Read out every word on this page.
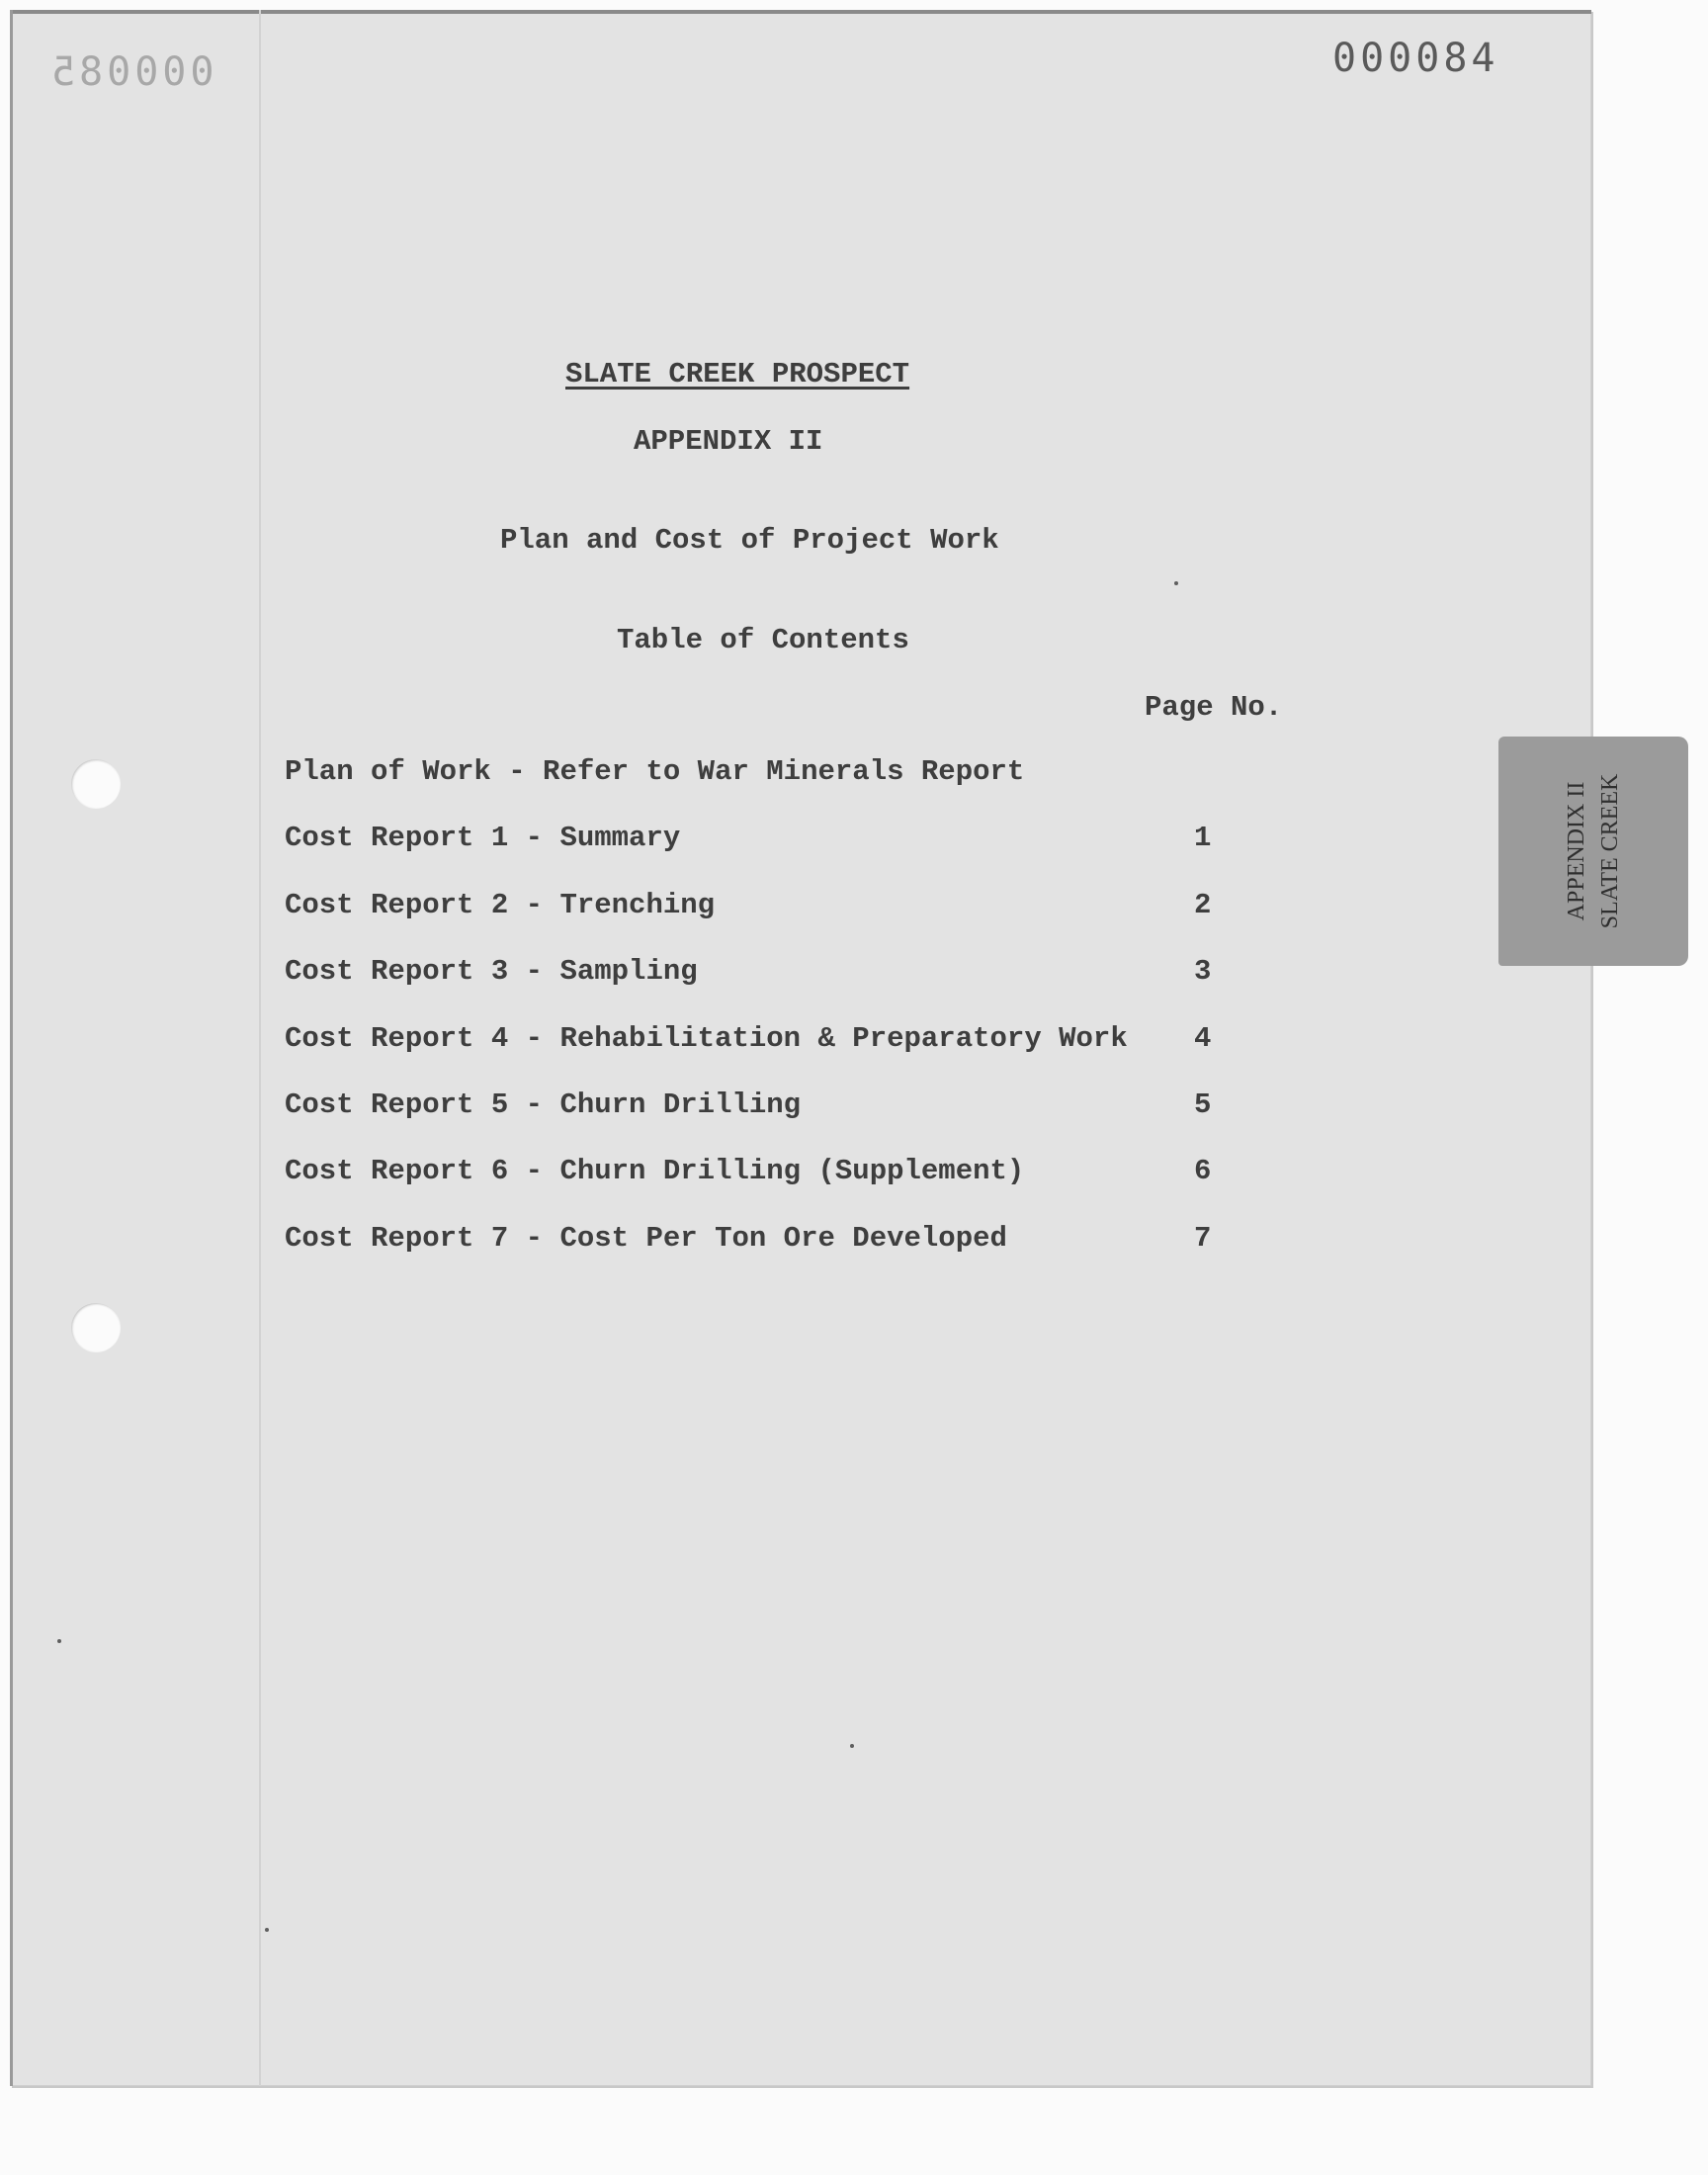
000085	000084
SLATE CREEK PROSPECT
APPENDIX II
Plan and Cost of Project Work
Table of Contents
Page No.
Plan of Work - Refer to War Minerals Report
Cost Report 1 - Summary	1
Cost Report 2 - Trenching	2
Cost Report 3 - Sampling	3
Cost Report 4 - Rehabilitation & Preparatory Work 4
Cost Report 5 - Churn Drilling	5
Cost Report 6 - Churn Drilling (Supplement)	6
Cost Report 7 - Cost Per Ton Ore Developed	7
APPENDIX II SLATE CREEK
